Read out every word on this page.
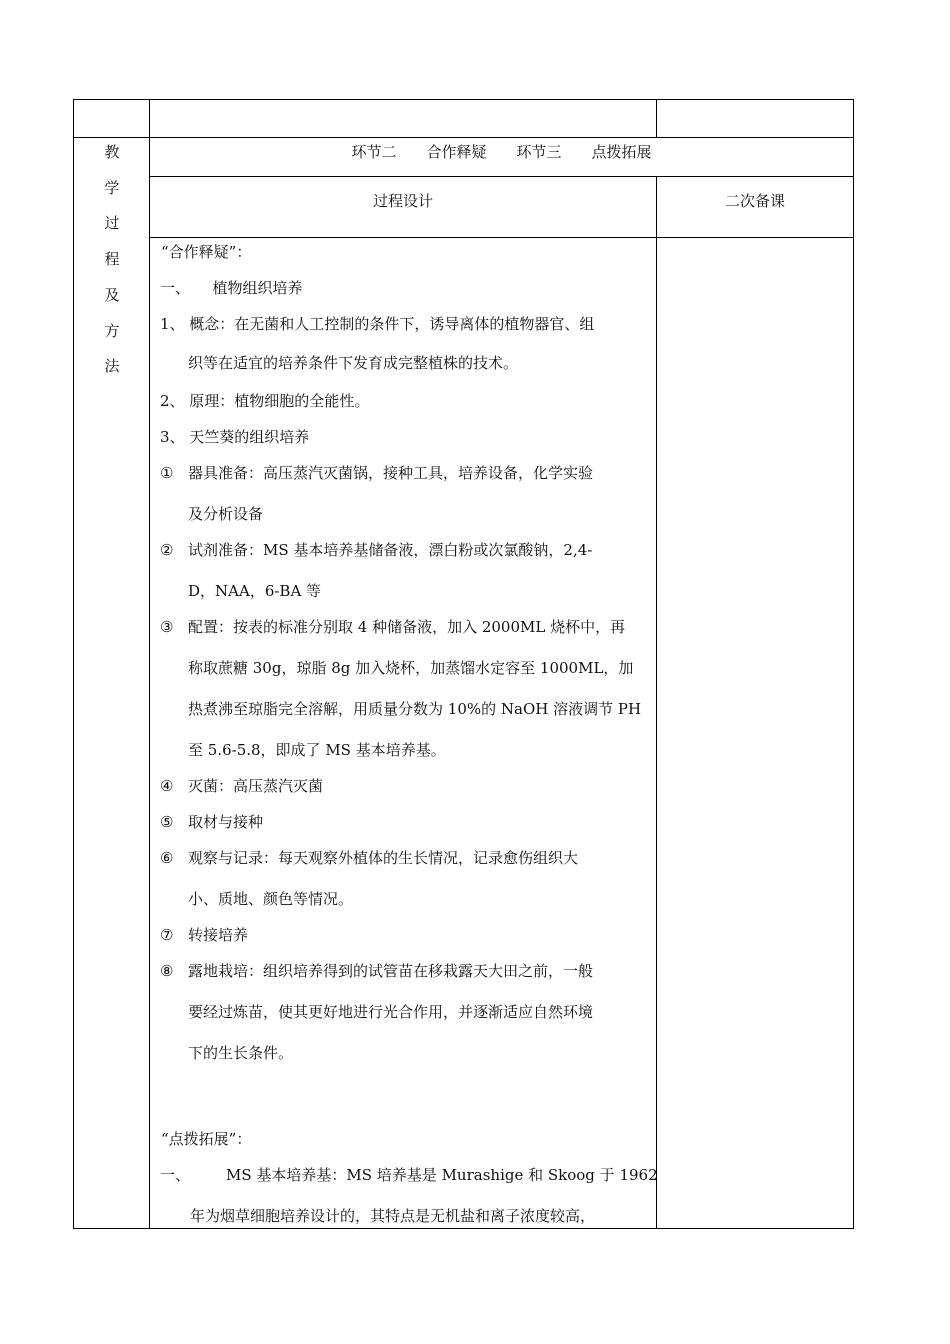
教
学
过
程
及
方
法
环节二　　合作释疑　　环节三　　点拨拓展
过程设计	二次备课
“合作释疑”：
一、　　植物组织培养
1、 概念：在无菌和人工控制的条件下，诱导离体的植物器官、组
织等在适宜的培养条件下发育成完整植株的技术。
2、 原理：植物细胞的全能性。
3、 天竺葵的组织培养
① 器具准备：高压蒸汽灭菌锅，接种工具，培养设备，化学实验
及分析设备
② 试剂准备：MS 基本培养基储备液，漂白粉或次氯酸钠，2,4-
D，NAA，6-BA 等
③ 配置：按表的标准分别取 4 种储备液，加入 2000ML 烧杯中，再
称取蔗糖 30g，琼脂 8g 加入烧杯，加蒸馏水定容至 1000ML，加
热煮沸至琼脂完全溶解，用质量分数为 10%的 NaOH 溶液调节 PH
至 5.6-5.8，即成了 MS 基本培养基。
④ 灭菌：高压蒸汽灭菌
⑤ 取材与接种
⑥ 观察与记录：每天观察外植体的生长情况，记录愈伤组织大
小、质地、颜色等情况。
⑦ 转接培养
⑧ 露地栽培：组织培养得到的试管苗在移栽露天大田之前，一般
要经过炼苗，使其更好地进行光合作用，并逐渐适应自然环境
下的生长条件。
“点拨拓展”：
一、 MS 基本培养基：MS 培养基是 Murashige 和 Skoog 于 1962
年为烟草细胞培养设计的，其特点是无机盐和离子浓度较高，
